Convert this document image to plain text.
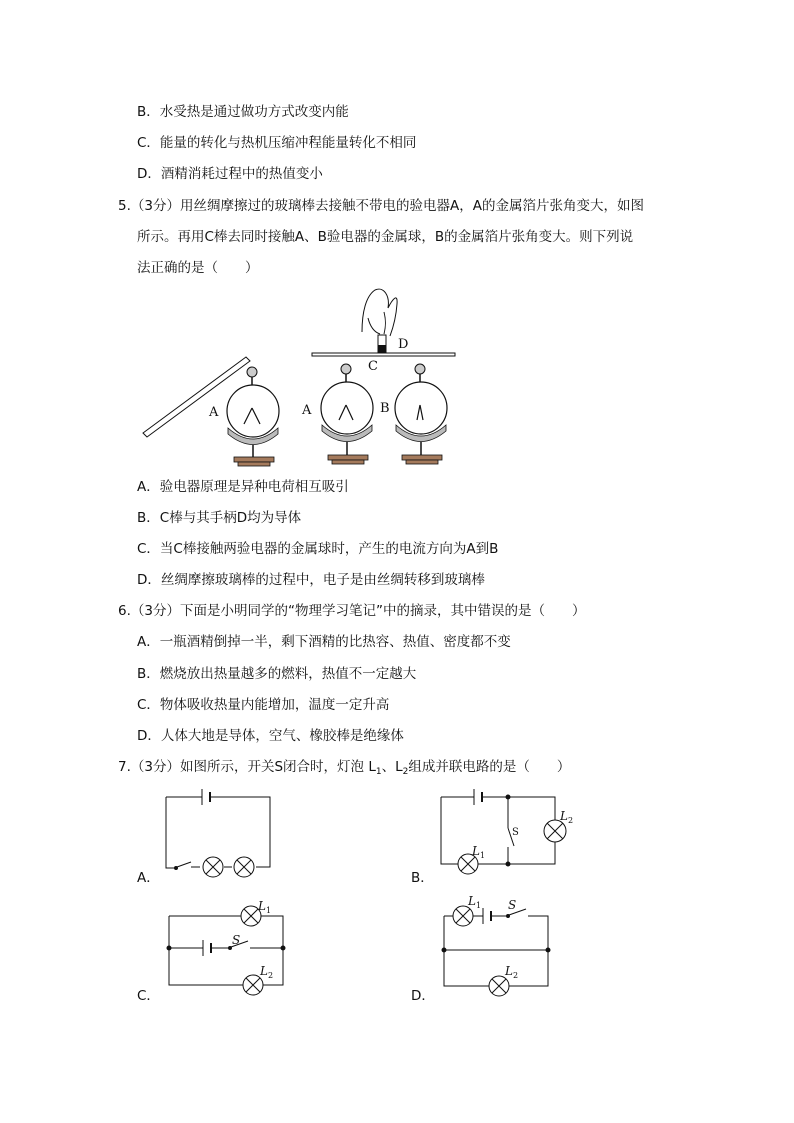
B．水受热是通过做功方式改变内能
C．能量的转化与热机压缩冲程能量转化不相同
D．酒精消耗过程中的热值变小
5.（3分）用丝绸摩擦过的玻璃棒去接触不带电的验电器A，A的金属箔片张角变大，如图
所示。再用C棒去同时接触A、B验电器的金属球，B的金属箔片张角变大。则下列说
法正确的是（　　）
A	A	B
C
D
A．验电器原理是异种电荷相互吸引
B．C棒与其手柄D均为导体
C．当C棒接触两验电器的金属球时，产生的电流方向为A到B
D．丝绸摩擦玻璃棒的过程中，电子是由丝绸转移到玻璃棒
6.（3分）下面是小明同学的“物理学习笔记”中的摘录，其中错误的是（　　）
A．一瓶酒精倒掉一半，剩下酒精的比热容、热值、密度都不变
B．燃烧放出热量越多的燃料，热值不一定越大
C．物体吸收热量内能增加，温度一定升高
D．人体大地是导体，空气、橡胶棒是绝缘体
7.（3分）如图所示，开关S闭合时，灯泡 $L_1$、$L_2$组成并联电路的是（　　）
S
$L_2$
$L_1$
S
$L_1$
$L_2$
S
$L_1$
$L_2$
A．	B．
C．	D．
